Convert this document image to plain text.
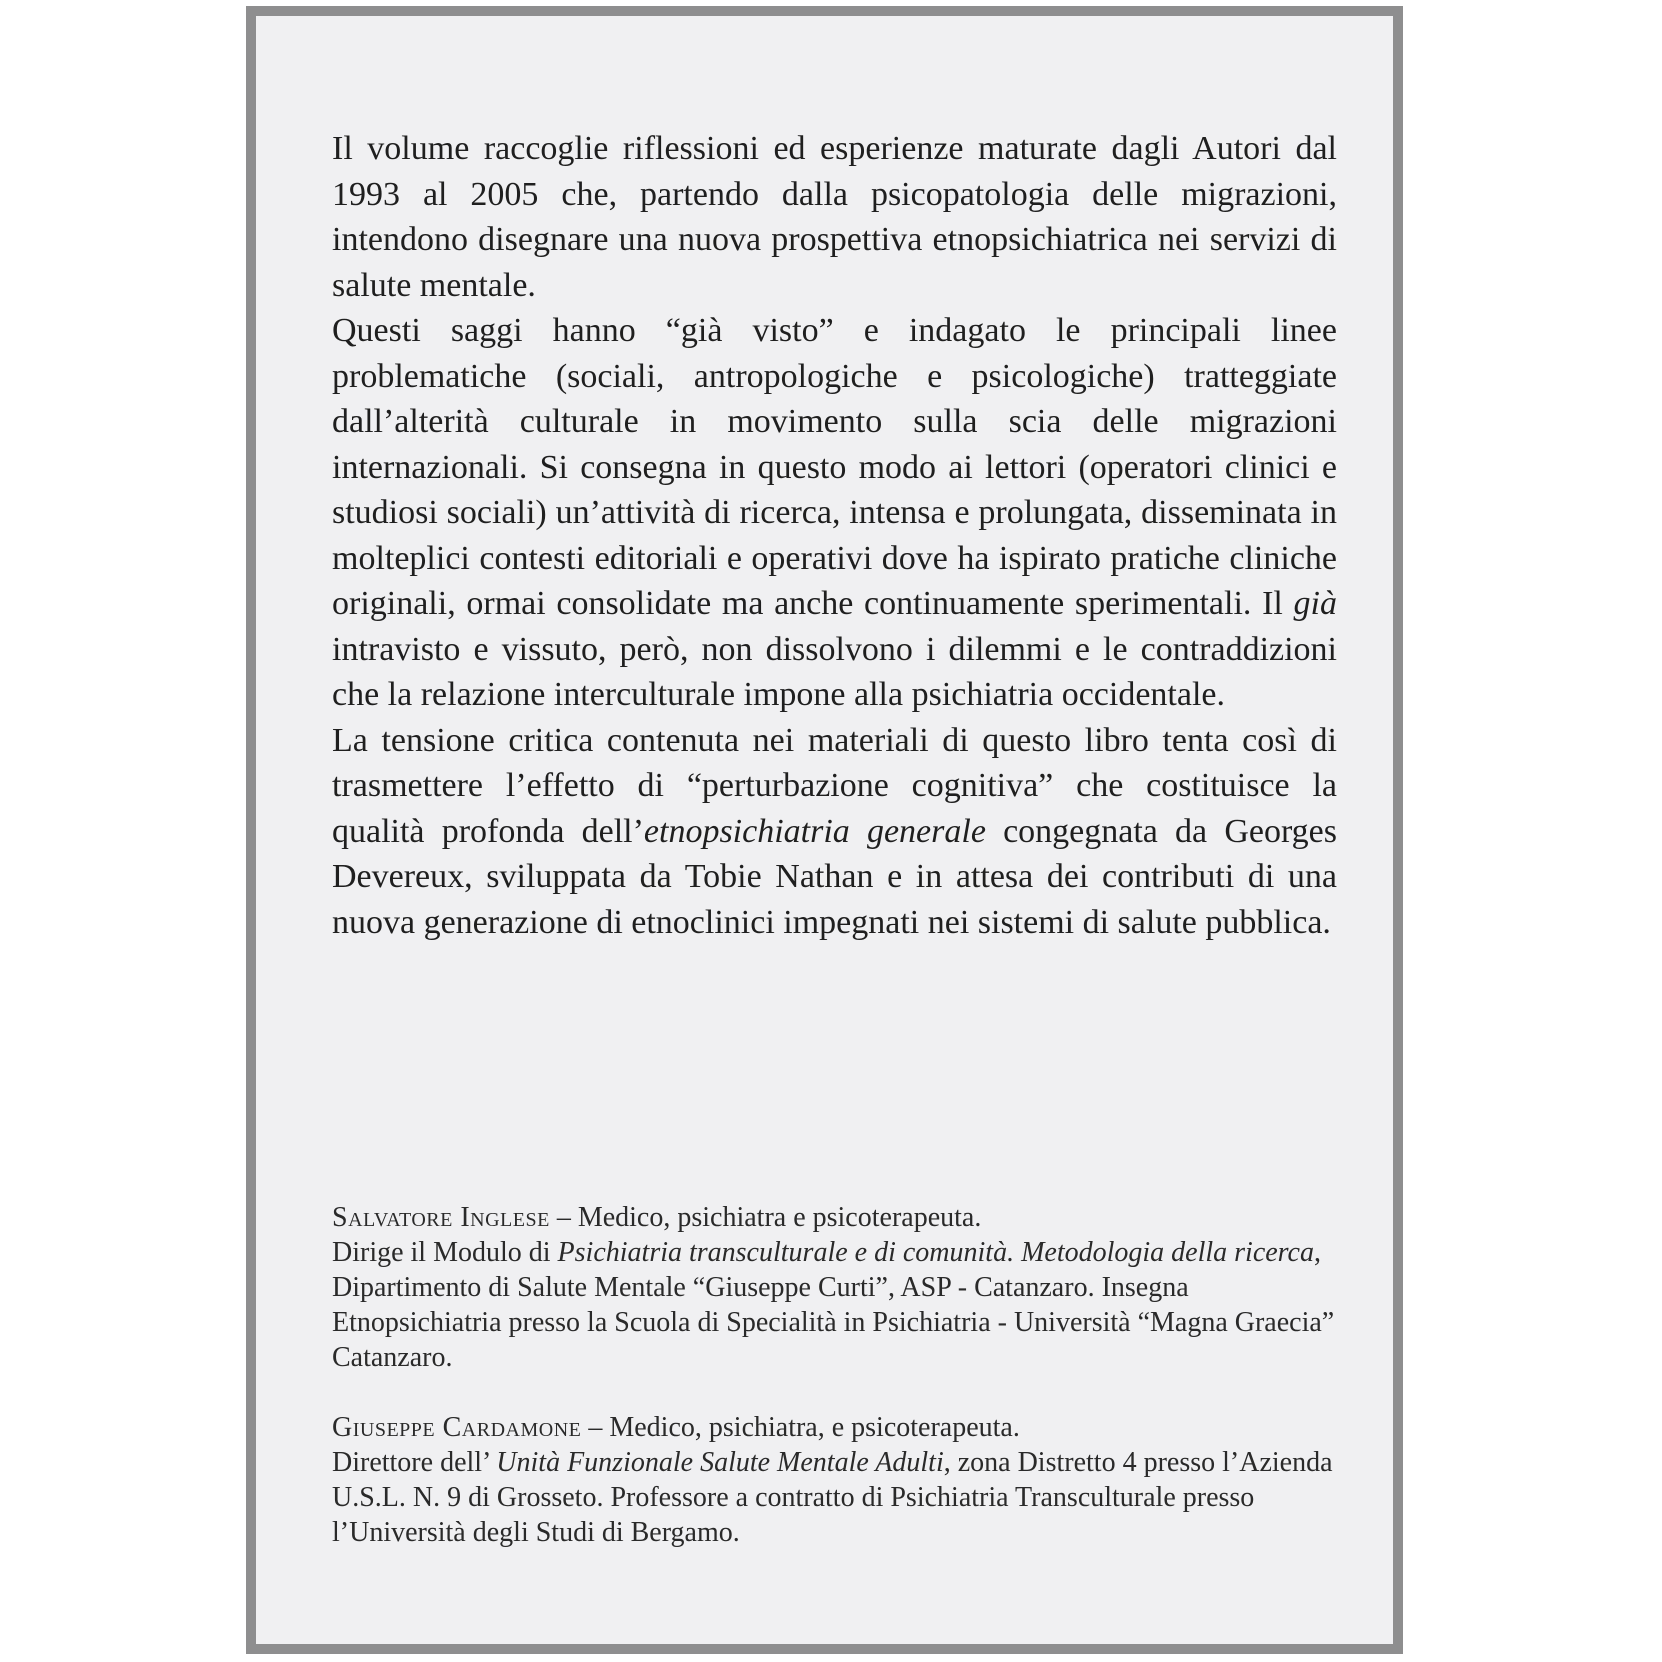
Il volume raccoglie riflessioni ed esperienze maturate dagli Autori dal 1993 al 2005 che, partendo dalla psicopatologia delle migrazioni, intendono disegnare una nuova prospettiva etnopsichiatrica nei servizi di salute mentale.

Questi saggi hanno “già visto” e indagato le principali linee problematiche (sociali, antropologiche e psicologiche) tratteggiate dall’alterità culturale in movimento sulla scia delle migrazioni internazionali. Si consegna in questo modo ai lettori (operatori clinici e studiosi sociali) un’attività di ricerca, intensa e prolungata, disseminata in molteplici contesti editoriali e operativi dove ha ispirato pratiche cliniche originali, ormai consolidate ma anche continuamente sperimentali. Il già intravisto e vissuto, però, non dissolvono i dilemmi e le contraddizioni che la relazione interculturale impone alla psichiatria occidentale.

La tensione critica contenuta nei materiali di questo libro tenta così di trasmettere l’effetto di “perturbazione cognitiva” che costituisce la qualità profonda dell’etnopsichiatria generale congegnata da Georges Devereux, sviluppata da Tobie Nathan e in attesa dei contributi di una nuova generazione di etnoclinici impegnati nei sistemi di salute pubblica.

Salvatore Inglese – Medico, psichiatra e psicoterapeuta.
Dirige il Modulo di Psichiatria transculturale e di comunità. Metodologia della ricerca, Dipartimento di Salute Mentale “Giuseppe Curti”, ASP - Catanzaro. Insegna Etnopsichiatria presso la Scuola di Specialità in Psichiatria - Università “Magna Graecia” Catanzaro.

Giuseppe Cardamone – Medico, psichiatra, e psicoterapeuta.
Direttore dell’ Unità Funzionale Salute Mentale Adulti, zona Distretto 4 presso l’Azienda U.S.L. N. 9 di Grosseto. Professore a contratto di Psichiatria Transculturale presso l’Università degli Studi di Bergamo.
